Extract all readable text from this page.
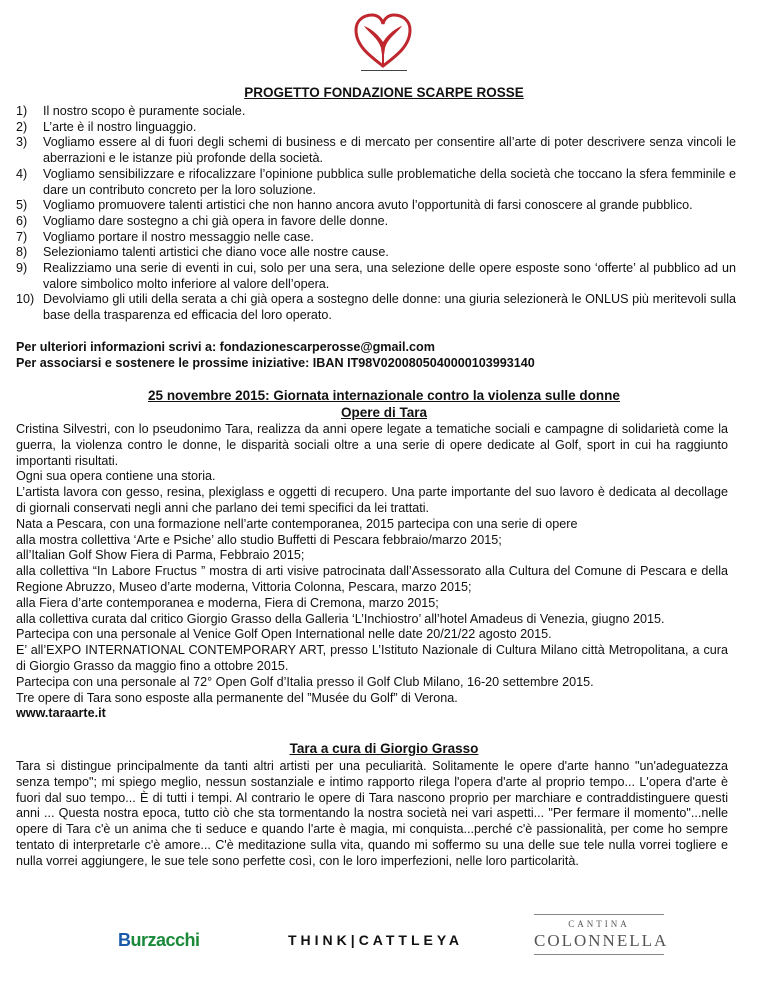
PROGETTO FONDAZIONE SCARPE ROSSE
1) Il nostro scopo è puramente sociale.
2) L’arte è il nostro linguaggio.
3) Vogliamo essere al di fuori degli schemi di business e di mercato per consentire all’arte di poter descrivere senza vincoli le aberrazioni e le istanze più profonde della società.
4) Vogliamo sensibilizzare e rifocalizzare l’opinione pubblica sulle problematiche della società che toccano la sfera femminile e dare un contributo concreto per la loro soluzione.
5) Vogliamo promuovere talenti artistici che non hanno ancora avuto l’opportunità di farsi conoscere al grande pubblico.
6) Vogliamo dare sostegno a chi già opera in favore delle donne.
7) Vogliamo portare il nostro messaggio nelle case.
8) Selezioniamo talenti artistici che diano voce alle nostre cause.
9) Realizziamo una serie di eventi in cui, solo per una sera, una selezione delle opere esposte sono ‘offerte’ al pubblico ad un valore simbolico molto inferiore al valore dell’opera.
10) Devolviamo gli utili della serata a chi già opera a sostegno delle donne: una giuria selezionerà le ONLUS più meritevoli sulla base della trasparenza ed efficacia del loro operato.
Per ulteriori informazioni scrivi a: fondazionescarperosse@gmail.com
Per associarsi e sostenere le prossime iniziative: IBAN IT98V0200805040000103993140
25 novembre 2015: Giornata internazionale contro la violenza sulle donne
Opere di Tara

Cristina Silvestri, con lo pseudonimo Tara, realizza da anni opere legate a tematiche sociali e campagne di solidarietà come la guerra, la violenza contro le donne, le disparità sociali oltre a una serie di opere dedicate al Golf, sport in cui ha raggiunto importanti risultati.

Ogni sua opera contiene una storia.

L’artista lavora con gesso, resina, plexiglass e oggetti di recupero. Una parte importante del suo lavoro è dedicata al decollage di giornali conservati negli anni che parlano dei temi specifici da lei trattati.

Nata a Pescara, con una formazione nell’arte contemporanea, 2015 partecipa con una serie di opere

alla mostra collettiva ‘Arte e Psiche’ allo studio Buffetti di Pescara febbraio/marzo 2015;

all’Italian Golf Show Fiera di Parma, Febbraio 2015;

alla collettiva “In Labore Fructus ” mostra di arti visive patrocinata dall’Assessorato alla Cultura del Comune di Pescara e della Regione Abruzzo, Museo d’arte moderna, Vittoria Colonna, Pescara, marzo 2015;

alla Fiera d’arte contemporanea e moderna, Fiera di Cremona, marzo 2015;

alla collettiva curata dal critico Giorgio Grasso della Galleria ‘L’Inchiostro’ all’hotel Amadeus di Venezia, giugno 2015.

Partecipa con una personale al Venice Golf Open International nelle date 20/21/22 agosto 2015.

E’ all’EXPO INTERNATIONAL CONTEMPORARY ART, presso L’Istituto Nazionale di Cultura Milano città Metropolitana, a cura di Giorgio Grasso da maggio fino a ottobre 2015.

Partecipa con una personale al 72° Open Golf d’Italia presso il Golf Club Milano, 16-20 settembre 2015.

Tre opere di Tara sono esposte alla permanente del ”Musée du Golf” di Verona.

www.taraarte.it

Tara a cura di Giorgio Grasso

Tara si distingue principalmente da tanti altri artisti per una peculiarità. Solitamente le opere d'arte hanno "un'adeguatezza senza tempo"; mi spiego meglio, nessun sostanziale e intimo rapporto rilega l'opera d'arte al proprio tempo... L'opera d'arte è fuori dal suo tempo... È di tutti i tempi. Al contrario le opere di Tara nascono proprio per marchiare e contraddistinguere questi anni ... Questa nostra epoca, tutto ciò che sta tormentando la nostra società nei vari aspetti... "Per fermare il momento"...nelle opere di Tara c'è un anima che ti seduce e quando l'arte è magia, mi conquista...perché c'è passionalità, per come ho sempre tentato di interpretarle c'è amore... C'è meditazione sulla vita, quando mi soffermo su una delle sue tele nulla vorrei togliere e nulla vorrei aggiungere, le sue tele sono perfette così, con le loro imperfezioni, nelle loro particolarità.

Burzacchi	THINK|CATTLEYA
CANTINA
COLONNELLA
